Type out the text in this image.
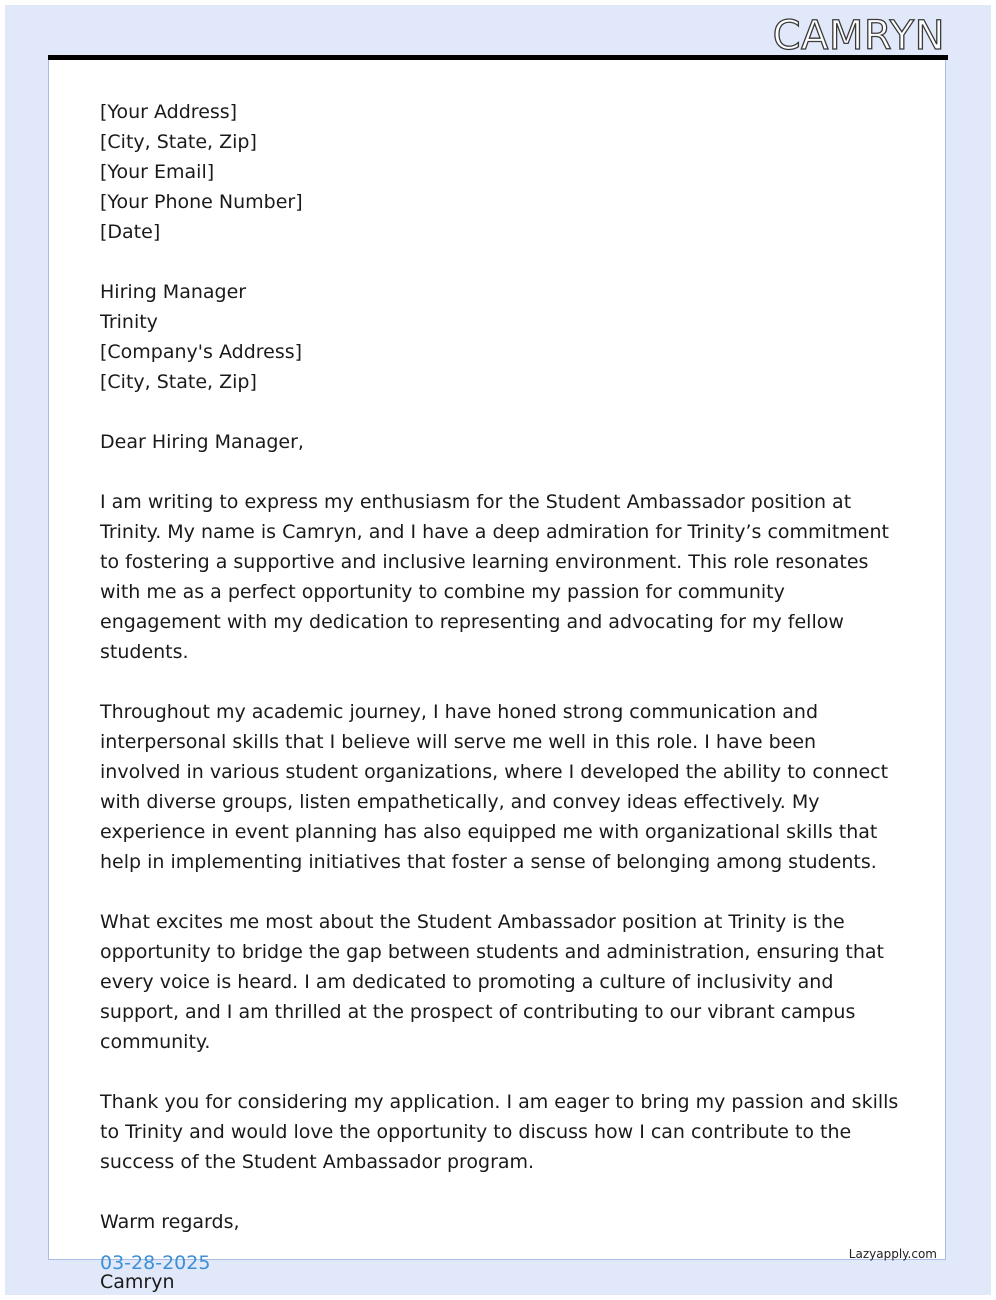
CAMRYN
[Your Address]
[City, State, Zip]
[Your Email]
[Your Phone Number]
[Date]
Hiring Manager
Trinity
[Company's Address]
[City, State, Zip]
Dear Hiring Manager,

I am writing to express my enthusiasm for the Student Ambassador position at Trinity. My name is Camryn, and I have a deep admiration for Trinity’s commitment to fostering a supportive and inclusive learning environment. This role resonates with me as a perfect opportunity to combine my passion for community engagement with my dedication to representing and advocating for my fellow students.

Throughout my academic journey, I have honed strong communication and interpersonal skills that I believe will serve me well in this role. I have been involved in various student organizations, where I developed the ability to connect with diverse groups, listen empathetically, and convey ideas effectively. My experience in event planning has also equipped me with organizational skills that help in implementing initiatives that foster a sense of belonging among students.

What excites me most about the Student Ambassador position at Trinity is the opportunity to bridge the gap between students and administration, ensuring that every voice is heard. I am dedicated to promoting a culture of inclusivity and support, and I am thrilled at the prospect of contributing to our vibrant campus community.

Thank you for considering my application. I am eager to bring my passion and skills to Trinity and would love the opportunity to discuss how I can contribute to the success of the Student Ambassador program.

Warm regards,
Camryn
03-28-2025	Lazyapply.com
